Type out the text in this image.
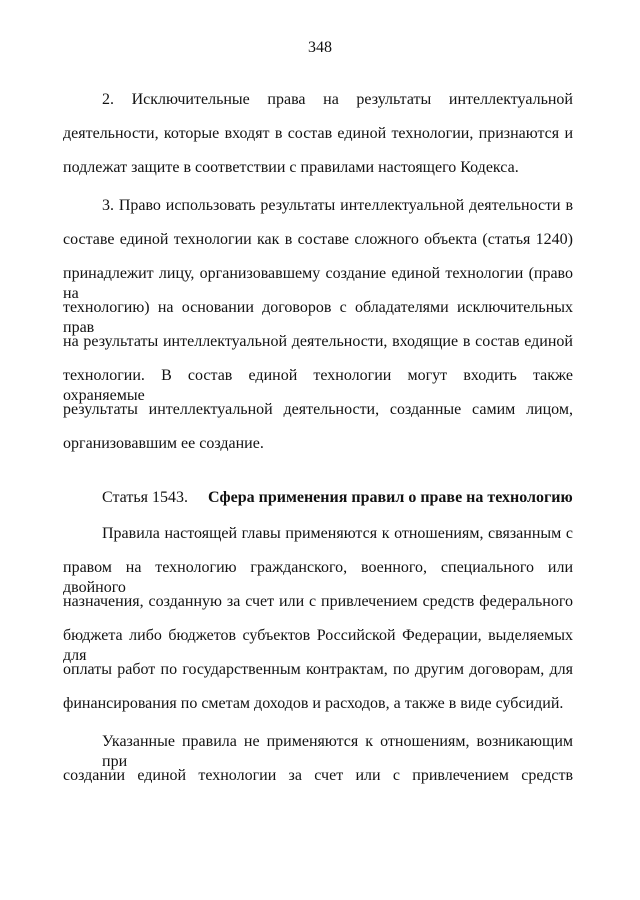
348
2. Исключительные права на результаты интеллектуальной
деятельности, которые входят в состав единой технологии, признаются и
подлежат защите в соответствии с правилами настоящего Кодекса.
3. Право использовать результаты интеллектуальной деятельности в
составе единой технологии как в составе сложного объекта (статья 1240)
принадлежит лицу, организовавшему создание единой технологии (право на
технологию) на основании договоров с обладателями исключительных прав
на результаты интеллектуальной деятельности, входящие в состав единой
технологии. В состав единой технологии могут входить также охраняемые
результаты интеллектуальной деятельности, созданные самим лицом,
организовавшим ее создание.
Статья 1543. Сфера применения правил о праве на технологию
Правила настоящей главы применяются к отношениям, связанным с
правом на технологию гражданского, военного, специального или двойного
назначения, созданную за счет или с привлечением средств федерального
бюджета либо бюджетов субъектов Российской Федерации, выделяемых для
оплаты работ по государственным контрактам, по другим договорам, для
финансирования по сметам доходов и расходов, а также в виде субсидий.
Указанные правила не применяются к отношениям, возникающим при
создании единой технологии за счет или с привлечением средств
